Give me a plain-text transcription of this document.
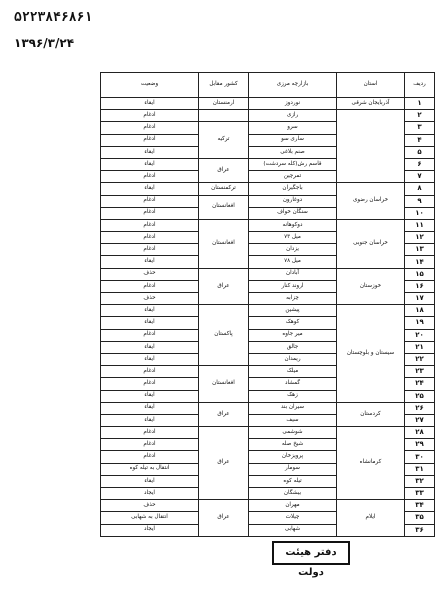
۵۲۲۳۸۴۶۸۶۱
۱۳۹۶/۳/۲۴
ردیف	استان	بازارچه مرزی	کشور مقابل	وضعیت
۱	آذربایجان شرقی	نوردوز	ارمنستان	ایقاء
۲		رازی		ادغام
۳		سرو	ترکیه	ادغام
۴		ساری سو		ادغام
۵		صنم بلاغی		ایقاء
۶		قاسم رش(کله سردشت)	عراق	ایقاء
۷		تمرچین		ادغام
۸	خراسان رضوی	باجگیران	ترکمنستان	ایقاء
۹		دوغارون	افغانستان	ادغام
۱۰		سنگان خواف		ادغام
۱۱	خراسان جنوبی	دوکوهانه	افغانستان	ادغام
۱۲		میل ۷۳		ادغام
۱۳		یزدان		ادغام
۱۴		میل ۷۸		ایقاء
۱۵	خوزستان	آبادان	عراق	حذف
۱۶		اروند کنار		ادغام
۱۷		چزابه		حذف
۱۸	سیستان و بلوچستان	پیشین	پاکستان	ایقاء
۱۹		کوهک		ایقاء
۲۰		میر جاوه		ادغام
۲۱		جالق		ایقاء
۲۲		ریمدان		ایقاء
۲۳		میلک	افغانستان	ادغام
۲۴		گمشاد		ادغام
۲۵		زهک		ایقاء
۲۶	کردستان	سیران بند	عراق	ایقاء
۲۷		سیف		ایقاء
۲۸	کرمانشاه	شوشمی	عراق	ادغام
۲۹		شیخ صله		ادغام
۳۰		پرویزخان		ادغام
۳۱		سومار		انتقال به تیله کوه
۳۲		تیله کوه		ایقاء
۳۳		بیشگان		ایجاد
۳۴	ایلام	مهران	عراق	حذف
۳۵		چیلات		انتقال به شهابی
۳۶		شهابی		ایجاد
دفتر هیئت دولت
